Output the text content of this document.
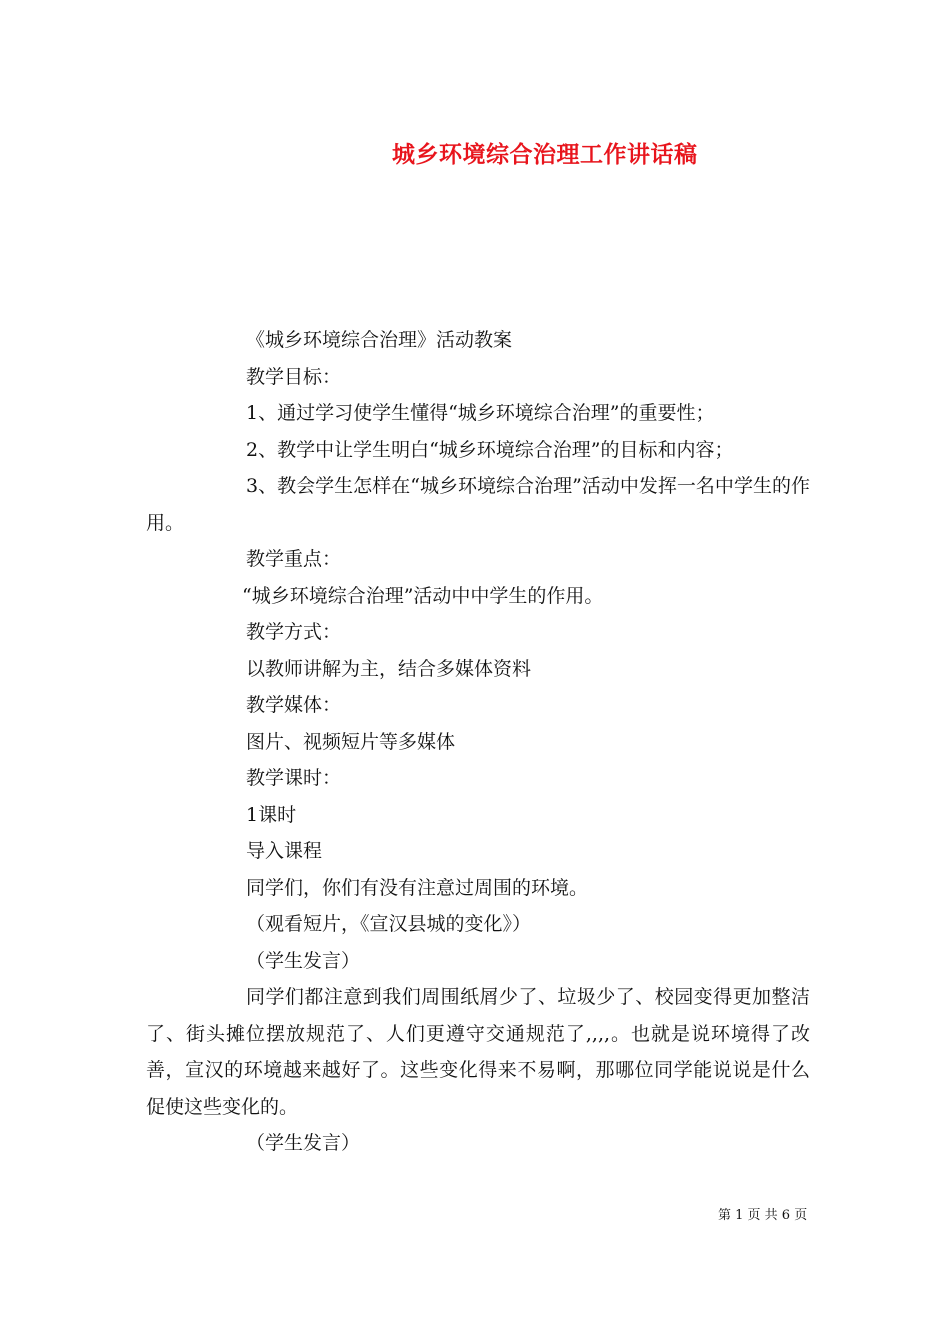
城乡环境综合治理工作讲话稿

《城乡环境综合治理》活动教案

教学目标：

1、通过学习使学生懂得“城乡环境综合治理”的重要性；

2、教学中让学生明白“城乡环境综合治理”的目标和内容；

3、教会学生怎样在“城乡环境综合治理”活动中发挥一名中学生的作用。

教学重点：

“城乡环境综合治理”活动中中学生的作用。

教学方式：

以教师讲解为主，结合多媒体资料

教学媒体：

图片、视频短片等多媒体

教学课时：

1课时

导入课程

同学们，你们有没有注意过周围的环境。

（观看短片，《宣汉县城的变化》）

（学生发言）

同学们都注意到我们周围纸屑少了、垃圾少了、校园变得更加整洁了、街头摊位摆放规范了、人们更遵守交通规范了,,,,。也就是说环境得了改善，宣汉的环境越来越好了。这些变化得来不易啊，那哪位同学能说说是什么促使这些变化的。

（学生发言）

第 1 页 共 6 页
